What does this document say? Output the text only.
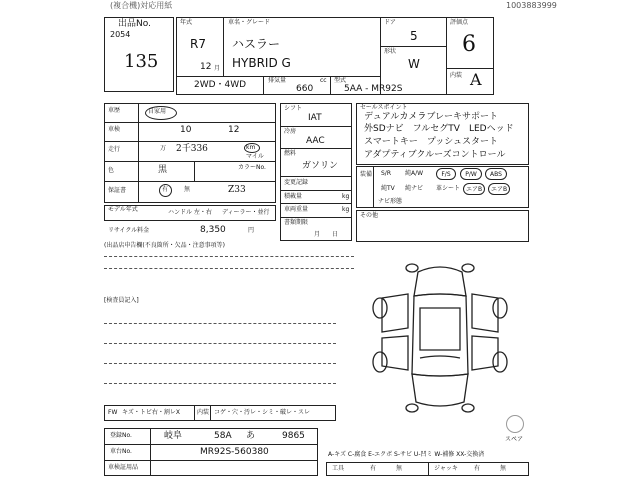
(複合機)対応用紙	1003883999
出品No.
2054
135
年式
R7
12 月
車名・グレード
ハスラー
HYBRID G
ドア
5
形状
W
評価点
6
内装 A
2WD・4WD	排気量
660
cc 型式
5AA - MR92S
車歴	自家用
車検	10	12
走行	万 2千336	km
マイル
色	黒	カラーNo.
保証書	有	無	Z33
モデル年式	ハンドル 左・右 ディーラー・並行
リサイクル料金	8,350	円
(出品店申告欄(不良箇所・欠品・注意事項等)
シフト
IAT
冷房
AAC
燃料
ガソリン
変更記録
積載量	kg
車両重量	kg
書類期限
月　　日
セールスポイント
デュアルカメラブレーキサポート
外SDナビ　フルセグTV　LEDヘッド
スマートキー　プッシュスタート
アダプティブクルーズコントロール
装備 S/R 純A/W	F/S	P/W	ABS
純TV 純ナビ 革シート エアB	エアB
ナビ形態
その他
[検査員記入]
スペア
FW キズ・トビ右・割レX	内装 コゲ・穴・汚レ・シミ・破レ・スレ
登録No.	岐阜	58A あ	9865
車台No.	MR92S-560380
車検証用品
A-キズ C-腐食 E-エクボ S-サビ U-凹ミ W-補修 XX-交換済
工具	有	無	ジャッキ	有	無
